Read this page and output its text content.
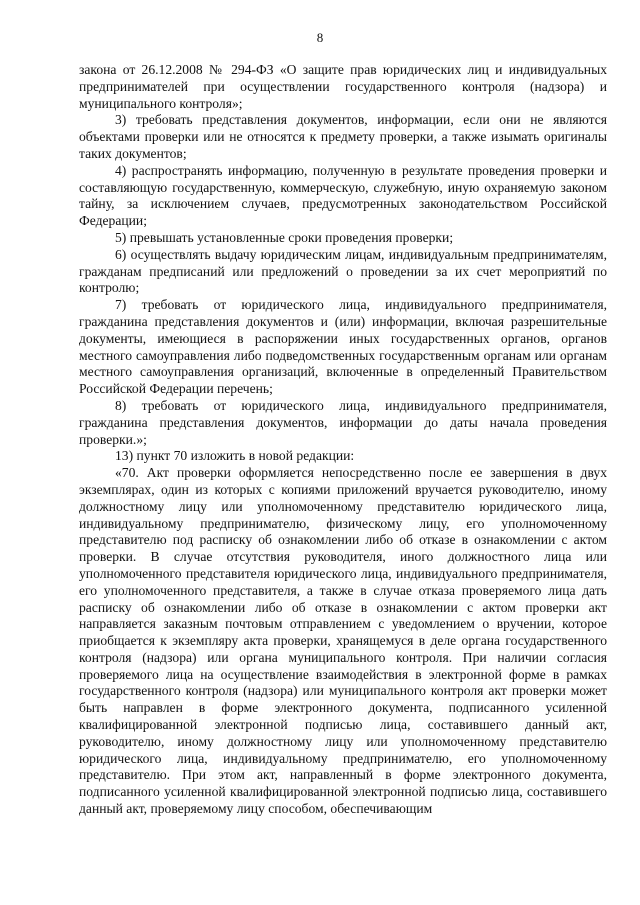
8

закона от 26.12.2008 № 294-ФЗ «О защите прав юридических лиц и индивидуальных предпринимателей при осуществлении государственного контроля (надзора) и муниципального контроля»;

3) требовать представления документов, информации, если они не являются объектами проверки или не относятся к предмету проверки, а также изымать оригиналы таких документов;

4) распространять информацию, полученную в результате проведения проверки и составляющую государственную, коммерческую, служебную, иную охраняемую законом тайну, за исключением случаев, предусмотренных законодательством Российской Федерации;

5) превышать установленные сроки проведения проверки;

6) осуществлять выдачу юридическим лицам, индивидуальным предпринимателям, гражданам предписаний или предложений о проведении за их счет мероприятий по контролю;

7) требовать от юридического лица, индивидуального предпринимателя, гражданина представления документов и (или) информации, включая разрешительные документы, имеющиеся в распоряжении иных государственных органов, органов местного самоуправления либо подведомственных государственным органам или органам местного самоуправления организаций, включенные в определенный Правительством Российской Федерации перечень;

8) требовать от юридического лица, индивидуального предпринимателя, гражданина представления документов, информации до даты начала проведения проверки.»;

13) пункт 70 изложить в новой редакции:

«70. Акт проверки оформляется непосредственно после ее завершения в двух экземплярах, один из которых с копиями приложений вручается руководителю, иному должностному лицу или уполномоченному представителю юридического лица, индивидуальному предпринимателю, физическому лицу, его уполномоченному представителю под расписку об ознакомлении либо об отказе в ознакомлении с актом проверки. В случае отсутствия руководителя, иного должностного лица или уполномоченного представителя юридического лица, индивидуального предпринимателя, его уполномоченного представителя, а также в случае отказа проверяемого лица дать расписку об ознакомлении либо об отказе в ознакомлении с актом проверки акт направляется заказным почтовым отправлением с уведомлением о вручении, которое приобщается к экземпляру акта проверки, хранящемуся в деле органа государственного контроля (надзора) или органа муниципального контроля. При наличии согласия проверяемого лица на осуществление взаимодействия в электронной форме в рамках государственного контроля (надзора) или муниципального контроля акт проверки может быть направлен в форме электронного документа, подписанного усиленной квалифицированной электронной подписью лица, составившего данный акт, руководителю, иному должностному лицу или уполномоченному представителю юридического лица, индивидуальному предпринимателю, его уполномоченному представителю. При этом акт, направленный в форме электронного документа, подписанного усиленной квалифицированной электронной подписью лица, составившего данный акт, проверяемому лицу способом, обеспечивающим
